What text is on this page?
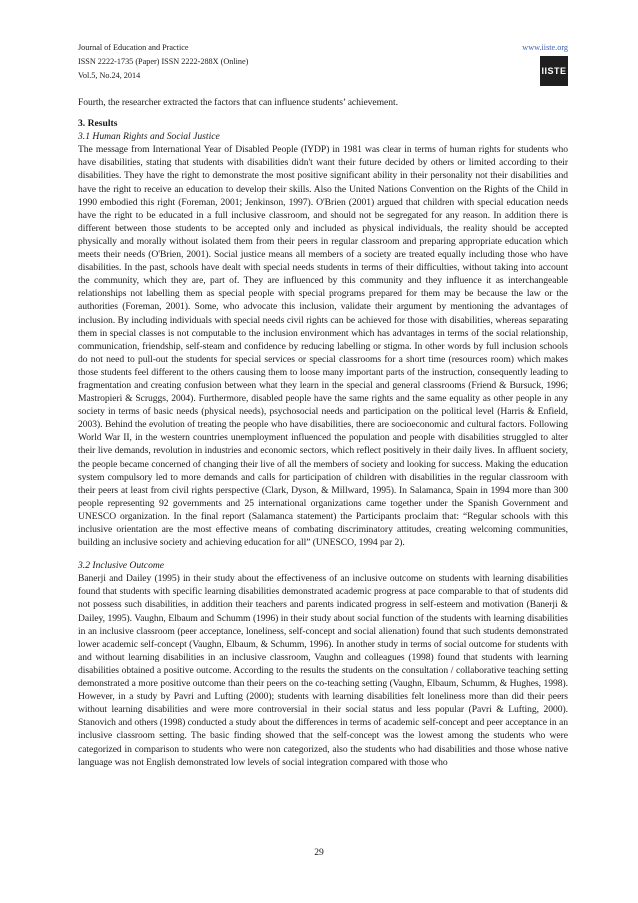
Journal of Education and Practice
ISSN 2222-1735 (Paper) ISSN 2222-288X (Online)
Vol.5, No.24, 2014
www.iiste.org
IISTE

Fourth, the researcher extracted the factors that can influence students’ achievement.

3. Results
3.1 Human Rights and Social Justice

The message from International Year of Disabled People (IYDP) in 1981 was clear in terms of human rights for students who have disabilities, stating that students with disabilities didn't want their future decided by others or limited according to their disabilities. They have the right to demonstrate the most positive significant ability in their personality not their disabilities and have the right to receive an education to develop their skills. Also the United Nations Convention on the Rights of the Child in 1990 embodied this right (Foreman, 2001; Jenkinson, 1997). O'Brien (2001) argued that children with special education needs have the right to be educated in a full inclusive classroom, and should not be segregated for any reason. In addition there is different between those students to be accepted only and included as physical individuals, the reality should be accepted physically and morally without isolated them from their peers in regular classroom and preparing appropriate education which meets their needs (O'Brien, 2001). Social justice means all members of a society are treated equally including those who have disabilities. In the past, schools have dealt with special needs students in terms of their difficulties, without taking into account the community, which they are, part of. They are influenced by this community and they influence it as interchangeable relationships not labelling them as special people with special programs prepared for them may be because the law or the authorities (Foreman, 2001). Some, who advocate this inclusion, validate their argument by mentioning the advantages of inclusion. By including individuals with special needs civil rights can be achieved for those with disabilities, whereas separating them in special classes is not computable to the inclusion environment which has advantages in terms of the social relationship, communication, friendship, self-steam and confidence by reducing labelling or stigma. In other words by full inclusion schools do not need to pull-out the students for special services or special classrooms for a short time (resources room) which makes those students feel different to the others causing them to loose many important parts of the instruction, consequently leading to fragmentation and creating confusion between what they learn in the special and general classrooms (Friend & Bursuck, 1996; Mastropieri & Scruggs, 2004). Furthermore, disabled people have the same rights and the same equality as other people in any society in terms of basic needs (physical needs), psychosocial needs and participation on the political level (Harris & Enfield, 2003). Behind the evolution of treating the people who have disabilities, there are socioeconomic and cultural factors. Following World War II, in the western countries unemployment influenced the population and people with disabilities struggled to alter their live demands, revolution in industries and economic sectors, which reflect positively in their daily lives. In affluent society, the people became concerned of changing their live of all the members of society and looking for success. Making the education system compulsory led to more demands and calls for participation of children with disabilities in the regular classroom with their peers at least from civil rights perspective (Clark, Dyson, & Millward, 1995). In Salamanca, Spain in 1994 more than 300 people representing 92 governments and 25 international organizations came together under the Spanish Government and UNESCO organization. In the final report (Salamanca statement) the Participants proclaim that: “Regular schools with this inclusive orientation are the most effective means of combating discriminatory attitudes, creating welcoming communities, building an inclusive society and achieving education for all” (UNESCO, 1994 par 2).

3.2 Inclusive Outcome

Banerji and Dailey (1995) in their study about the effectiveness of an inclusive outcome on students with learning disabilities found that students with specific learning disabilities demonstrated academic progress at pace comparable to that of students did not possess such disabilities, in addition their teachers and parents indicated progress in self-esteem and motivation (Banerji & Dailey, 1995). Vaughn, Elbaum and Schumm (1996) in their study about social function of the students with learning disabilities in an inclusive classroom (peer acceptance, loneliness, self-concept and social alienation) found that such students demonstrated lower academic self-concept (Vaughn, Elbaum, & Schumm, 1996). In another study in terms of social outcome for students with and without learning disabilities in an inclusive classroom, Vaughn and colleagues (1998) found that students with learning disabilities obtained a positive outcome. According to the results the students on the consultation / collaborative teaching setting demonstrated a more positive outcome than their peers on the co-teaching setting (Vaughn, Elbaum, Schumm, & Hughes, 1998). However, in a study by Pavri and Lufting (2000); students with learning disabilities felt loneliness more than did their peers without learning disabilities and were more controversial in their social status and less popular (Pavri & Lufting, 2000). Stanovich and others (1998) conducted a study about the differences in terms of academic self-concept and peer acceptance in an inclusive classroom setting. The basic finding showed that the self-concept was the lowest among the students who were categorized in comparison to students who were non categorized, also the students who had disabilities and those whose native language was not English demonstrated low levels of social integration compared with those who

29
